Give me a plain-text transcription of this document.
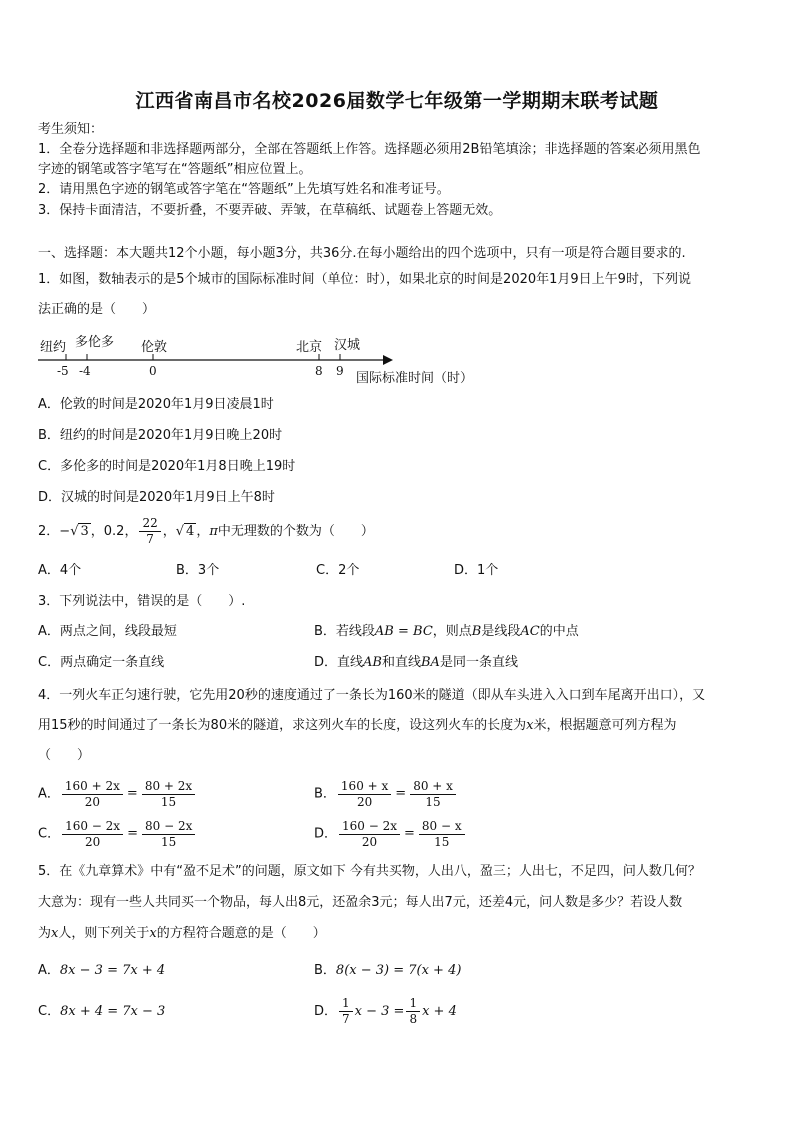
江西省南昌市名校2026届数学七年级第一学期期末联考试题
考生须知：
1．全卷分选择题和非选择题两部分，全部在答题纸上作答。选择题必须用2B铅笔填涂；非选择题的答案必须用黑色
字迹的钢笔或答字笔写在“答题纸”相应位置上。
2．请用黑色字迹的钢笔或答字笔在“答题纸”上先填写姓名和准考证号。
3．保持卡面清洁，不要折叠，不要弄破、弄皱，在草稿纸、试题卷上答题无效。
一、选择题：本大题共12个小题，每小题3分，共36分.在每小题给出的四个选项中，只有一项是符合题目要求的.
1．如图，数轴表示的是5个城市的国际标准时间（单位：时），如果北京的时间是2020年1月9日上午9时，下列说
法正确的是（　　）
纽约 多伦多 伦敦	北京 汉城
-5 -4	0	8 9 国际标准时间（时）
A．伦敦的时间是2020年1月9日凌晨1时
B．纽约的时间是2020年1月9日晚上20时
C．多伦多的时间是2020年1月8日晚上19时
D．汉城的时间是2020年1月9日上午8时
2．−√ 3 ，0.2， $\frac{22}{7}$ ，√ 4 ，π中无理数的个数为（　　）
A．4个	B．3个	C．2个	D．1个
3．下列说法中，错误的是（　　）.
A．两点之间，线段最短	B．若线段AB = BC，则点B是线段AC的中点
C．两点确定一条直线	D．直线AB和直线BA是同一条直线
4．一列火车正匀速行驶，它先用20秒的速度通过了一条长为160米的隧道（即从车头进入入口到车尾离开出口），又
用15秒的时间通过了一条长为80米的隧道，求这列火车的长度，设这列火车的长度为x米，根据题意可列方程为
（　　）
A． $\frac{160 + 2x}{20} = \frac{80 + 2x}{15}$	B． $\frac{160 + x}{20} = \frac{80 + x}{15}$
C． $\frac{160 - 2x}{20} = \frac{80 - 2x}{15}$	D． $\frac{160 - 2x}{20} = \frac{80 - x}{15}$
5．在《九章算术》中有“盈不足术”的问题，原文如下 今有共买物，人出八，盈三；人出七，不足四，问人数几何？
大意为：现有一些人共同买一个物品，每人出8元，还盈余3元；每人出7元，还差4元，问人数是多少？若设人数
为x人，则下列关于x的方程符合题意的是（　　）
A．8x − 3 = 7x + 4	B．8(x − 3) = 7(x + 4)
C．8x + 4 = 7x − 3	D． $\frac{1}{7}$ $x - 3 = \frac{1}{8}$ x + 4
